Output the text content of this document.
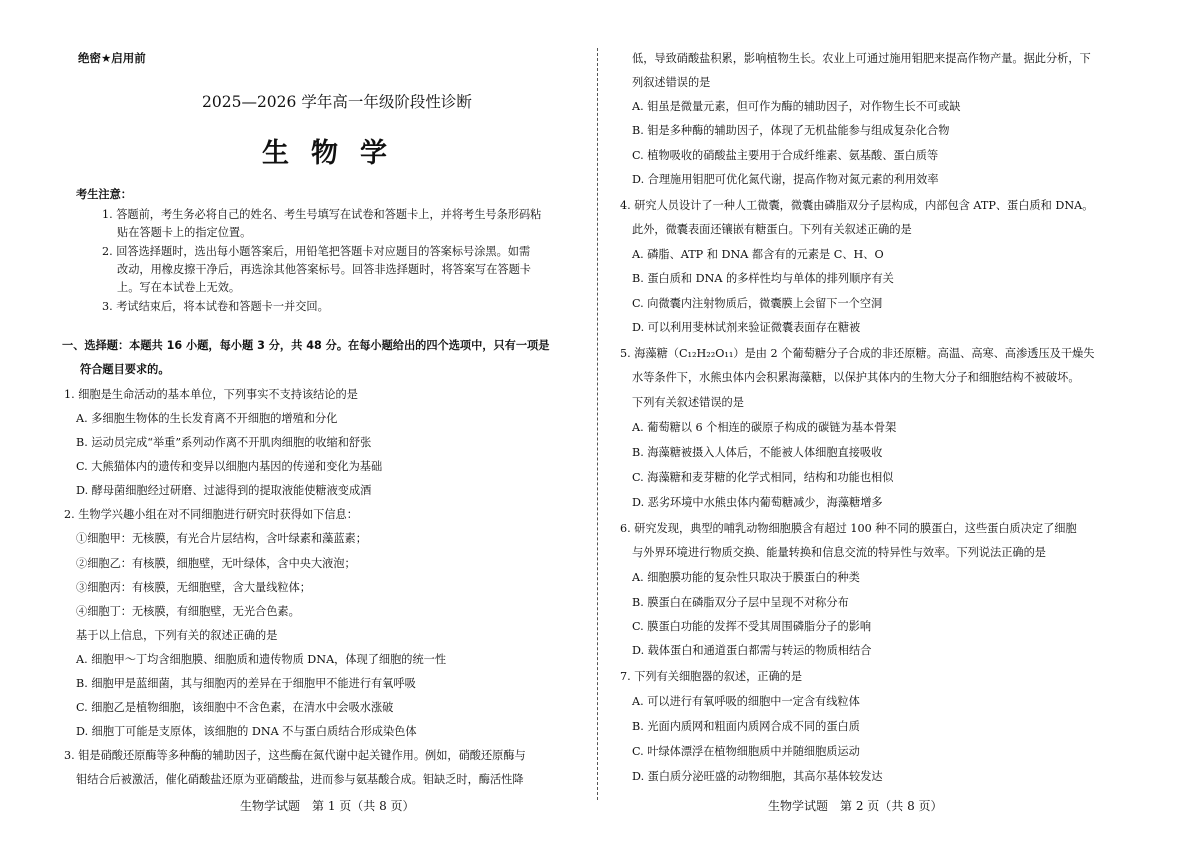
绝密★启用前
2025—2026 学年高一年级阶段性诊断
生物学
考生注意：
1. 答题前，考生务必将自己的姓名、考生号填写在试卷和答题卡上，并将考生号条形码粘
贴在答题卡上的指定位置。
2. 回答选择题时，选出每小题答案后，用铅笔把答题卡对应题目的答案标号涂黑。如需
改动，用橡皮擦干净后，再选涂其他答案标号。回答非选择题时，将答案写在答题卡
上。写在本试卷上无效。
3. 考试结束后，将本试卷和答题卡一并交回。
一、选择题：本题共 16 小题，每小题 3 分，共 48 分。在每小题给出的四个选项中，只有一项是
符合题目要求的。
1. 细胞是生命活动的基本单位，下列事实不支持该结论的是
A. 多细胞生物体的生长发育离不开细胞的增殖和分化
B. 运动员完成“举重”系列动作离不开肌肉细胞的收缩和舒张
C. 大熊猫体内的遗传和变异以细胞内基因的传递和变化为基础
D. 酵母菌细胞经过研磨、过滤得到的提取液能使糖液变成酒
2. 生物学兴趣小组在对不同细胞进行研究时获得如下信息：
①细胞甲：无核膜，有光合片层结构，含叶绿素和藻蓝素；
②细胞乙：有核膜，细胞壁，无叶绿体，含中央大液泡；
③细胞丙：有核膜，无细胞壁，含大量线粒体；
④细胞丁：无核膜，有细胞壁，无光合色素。
基于以上信息，下列有关的叙述正确的是
A. 细胞甲～丁均含细胞膜、细胞质和遗传物质 DNA，体现了细胞的统一性
B. 细胞甲是蓝细菌，其与细胞丙的差异在于细胞甲不能进行有氧呼吸
C. 细胞乙是植物细胞，该细胞中不含色素，在清水中会吸水涨破
D. 细胞丁可能是支原体，该细胞的 DNA 不与蛋白质结合形成染色体
3. 钼是硝酸还原酶等多种酶的辅助因子，这些酶在氮代谢中起关键作用。例如，硝酸还原酶与
钼结合后被激活，催化硝酸盐还原为亚硝酸盐，进而参与氨基酸合成。钼缺乏时，酶活性降
生物学试题　第 1 页（共 8 页）
低，导致硝酸盐积累，影响植物生长。农业上可通过施用钼肥来提高作物产量。据此分析，下
列叙述错误的是
A. 钼虽是微量元素，但可作为酶的辅助因子，对作物生长不可或缺
B. 钼是多种酶的辅助因子，体现了无机盐能参与组成复杂化合物
C. 植物吸收的硝酸盐主要用于合成纤维素、氨基酸、蛋白质等
D. 合理施用钼肥可优化氮代谢，提高作物对氮元素的利用效率
4. 研究人员设计了一种人工微囊，微囊由磷脂双分子层构成，内部包含 ATP、蛋白质和 DNA。
此外，微囊表面还镶嵌有糖蛋白。下列有关叙述正确的是
A. 磷脂、ATP 和 DNA 都含有的元素是 C、H、O
B. 蛋白质和 DNA 的多样性均与单体的排列顺序有关
C. 向微囊内注射物质后，微囊膜上会留下一个空洞
D. 可以利用斐林试剂来验证微囊表面存在糖被
5. 海藻糖（C₁₂H₂₂O₁₁）是由 2 个葡萄糖分子合成的非还原糖。高温、高寒、高渗透压及干燥失
水等条件下，水熊虫体内会积累海藻糖，以保护其体内的生物大分子和细胞结构不被破坏。
下列有关叙述错误的是
A. 葡萄糖以 6 个相连的碳原子构成的碳链为基本骨架
B. 海藻糖被摄入人体后，不能被人体细胞直接吸收
C. 海藻糖和麦芽糖的化学式相同，结构和功能也相似
D. 恶劣环境中水熊虫体内葡萄糖减少，海藻糖增多
6. 研究发现，典型的哺乳动物细胞膜含有超过 100 种不同的膜蛋白，这些蛋白质决定了细胞
与外界环境进行物质交换、能量转换和信息交流的特异性与效率。下列说法正确的是
A. 细胞膜功能的复杂性只取决于膜蛋白的种类
B. 膜蛋白在磷脂双分子层中呈现不对称分布
C. 膜蛋白功能的发挥不受其周围磷脂分子的影响
D. 载体蛋白和通道蛋白都需与转运的物质相结合
7. 下列有关细胞器的叙述，正确的是
A. 可以进行有氧呼吸的细胞中一定含有线粒体
B. 光面内质网和粗面内质网合成不同的蛋白质
C. 叶绿体漂浮在植物细胞质中并随细胞质运动
D. 蛋白质分泌旺盛的动物细胞，其高尔基体较发达
生物学试题　第 2 页（共 8 页）
